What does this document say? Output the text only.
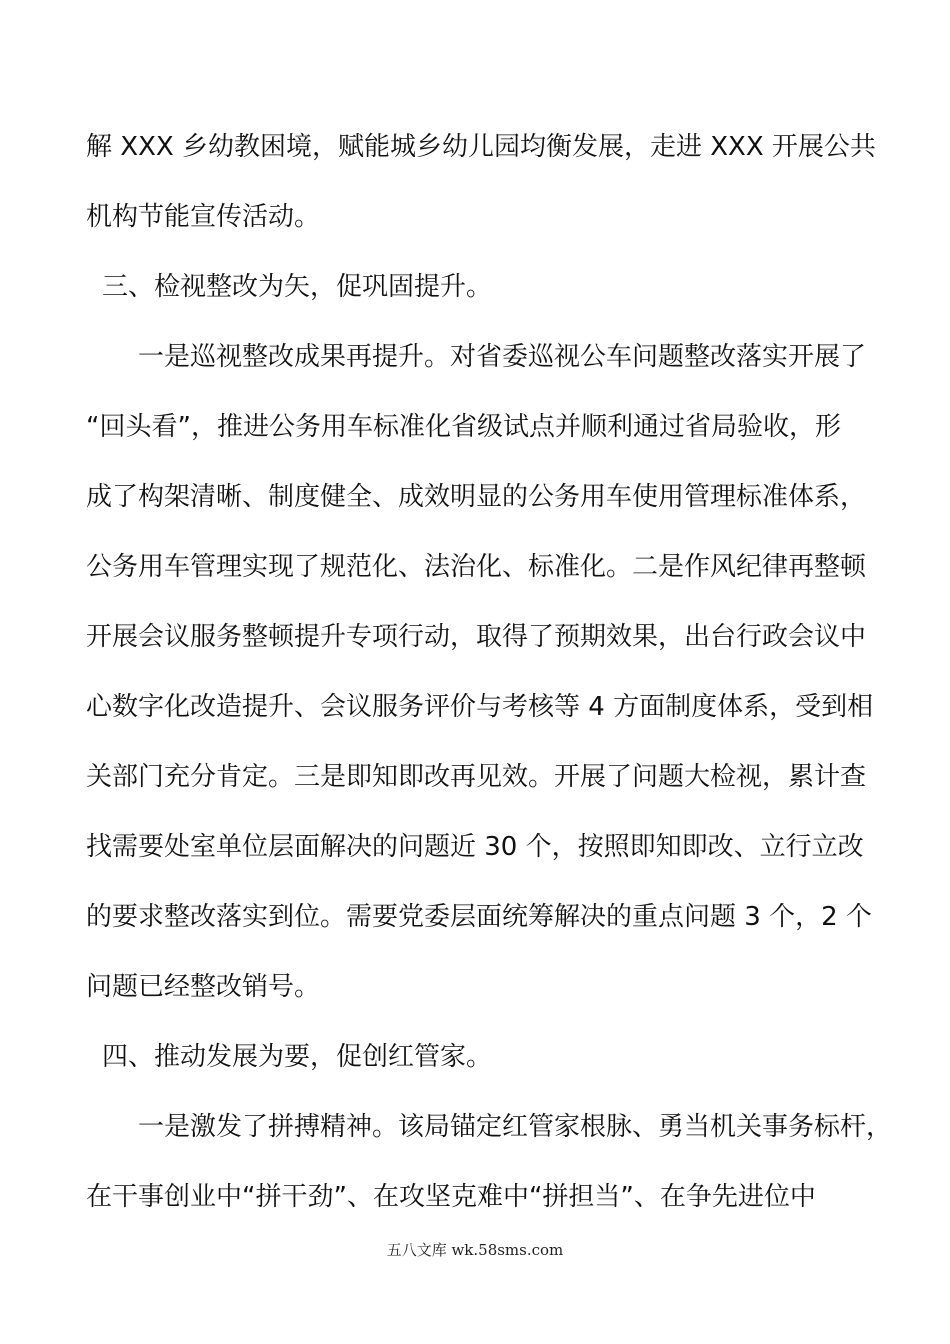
解 XXX 乡幼教困境，赋能城乡幼儿园均衡发展，走进 XXX 开展公共
机构节能宣传活动。
三、检视整改为矢，促巩固提升。
一是巡视整改成果再提升。对省委巡视公车问题整改落实开展了
“回头看”，推进公务用车标准化省级试点并顺利通过省局验收，形
成了构架清晰、制度健全、成效明显的公务用车使用管理标准体系，
公务用车管理实现了规范化、法治化、标准化。二是作风纪律再整顿
开展会议服务整顿提升专项行动，取得了预期效果，出台行政会议中
心数字化改造提升、会议服务评价与考核等 4 方面制度体系，受到相
关部门充分肯定。三是即知即改再见效。开展了问题大检视，累计查
找需要处室单位层面解决的问题近 30 个，按照即知即改、立行立改
的要求整改落实到位。需要党委层面统筹解决的重点问题 3 个，2 个
问题已经整改销号。
四、推动发展为要，促创红管家。
一是激发了拼搏精神。该局锚定红管家根脉、勇当机关事务标杆，
在干事创业中“拼干劲”、在攻坚克难中“拼担当”、在争先进位中
五八文库 wk.58sms.com
